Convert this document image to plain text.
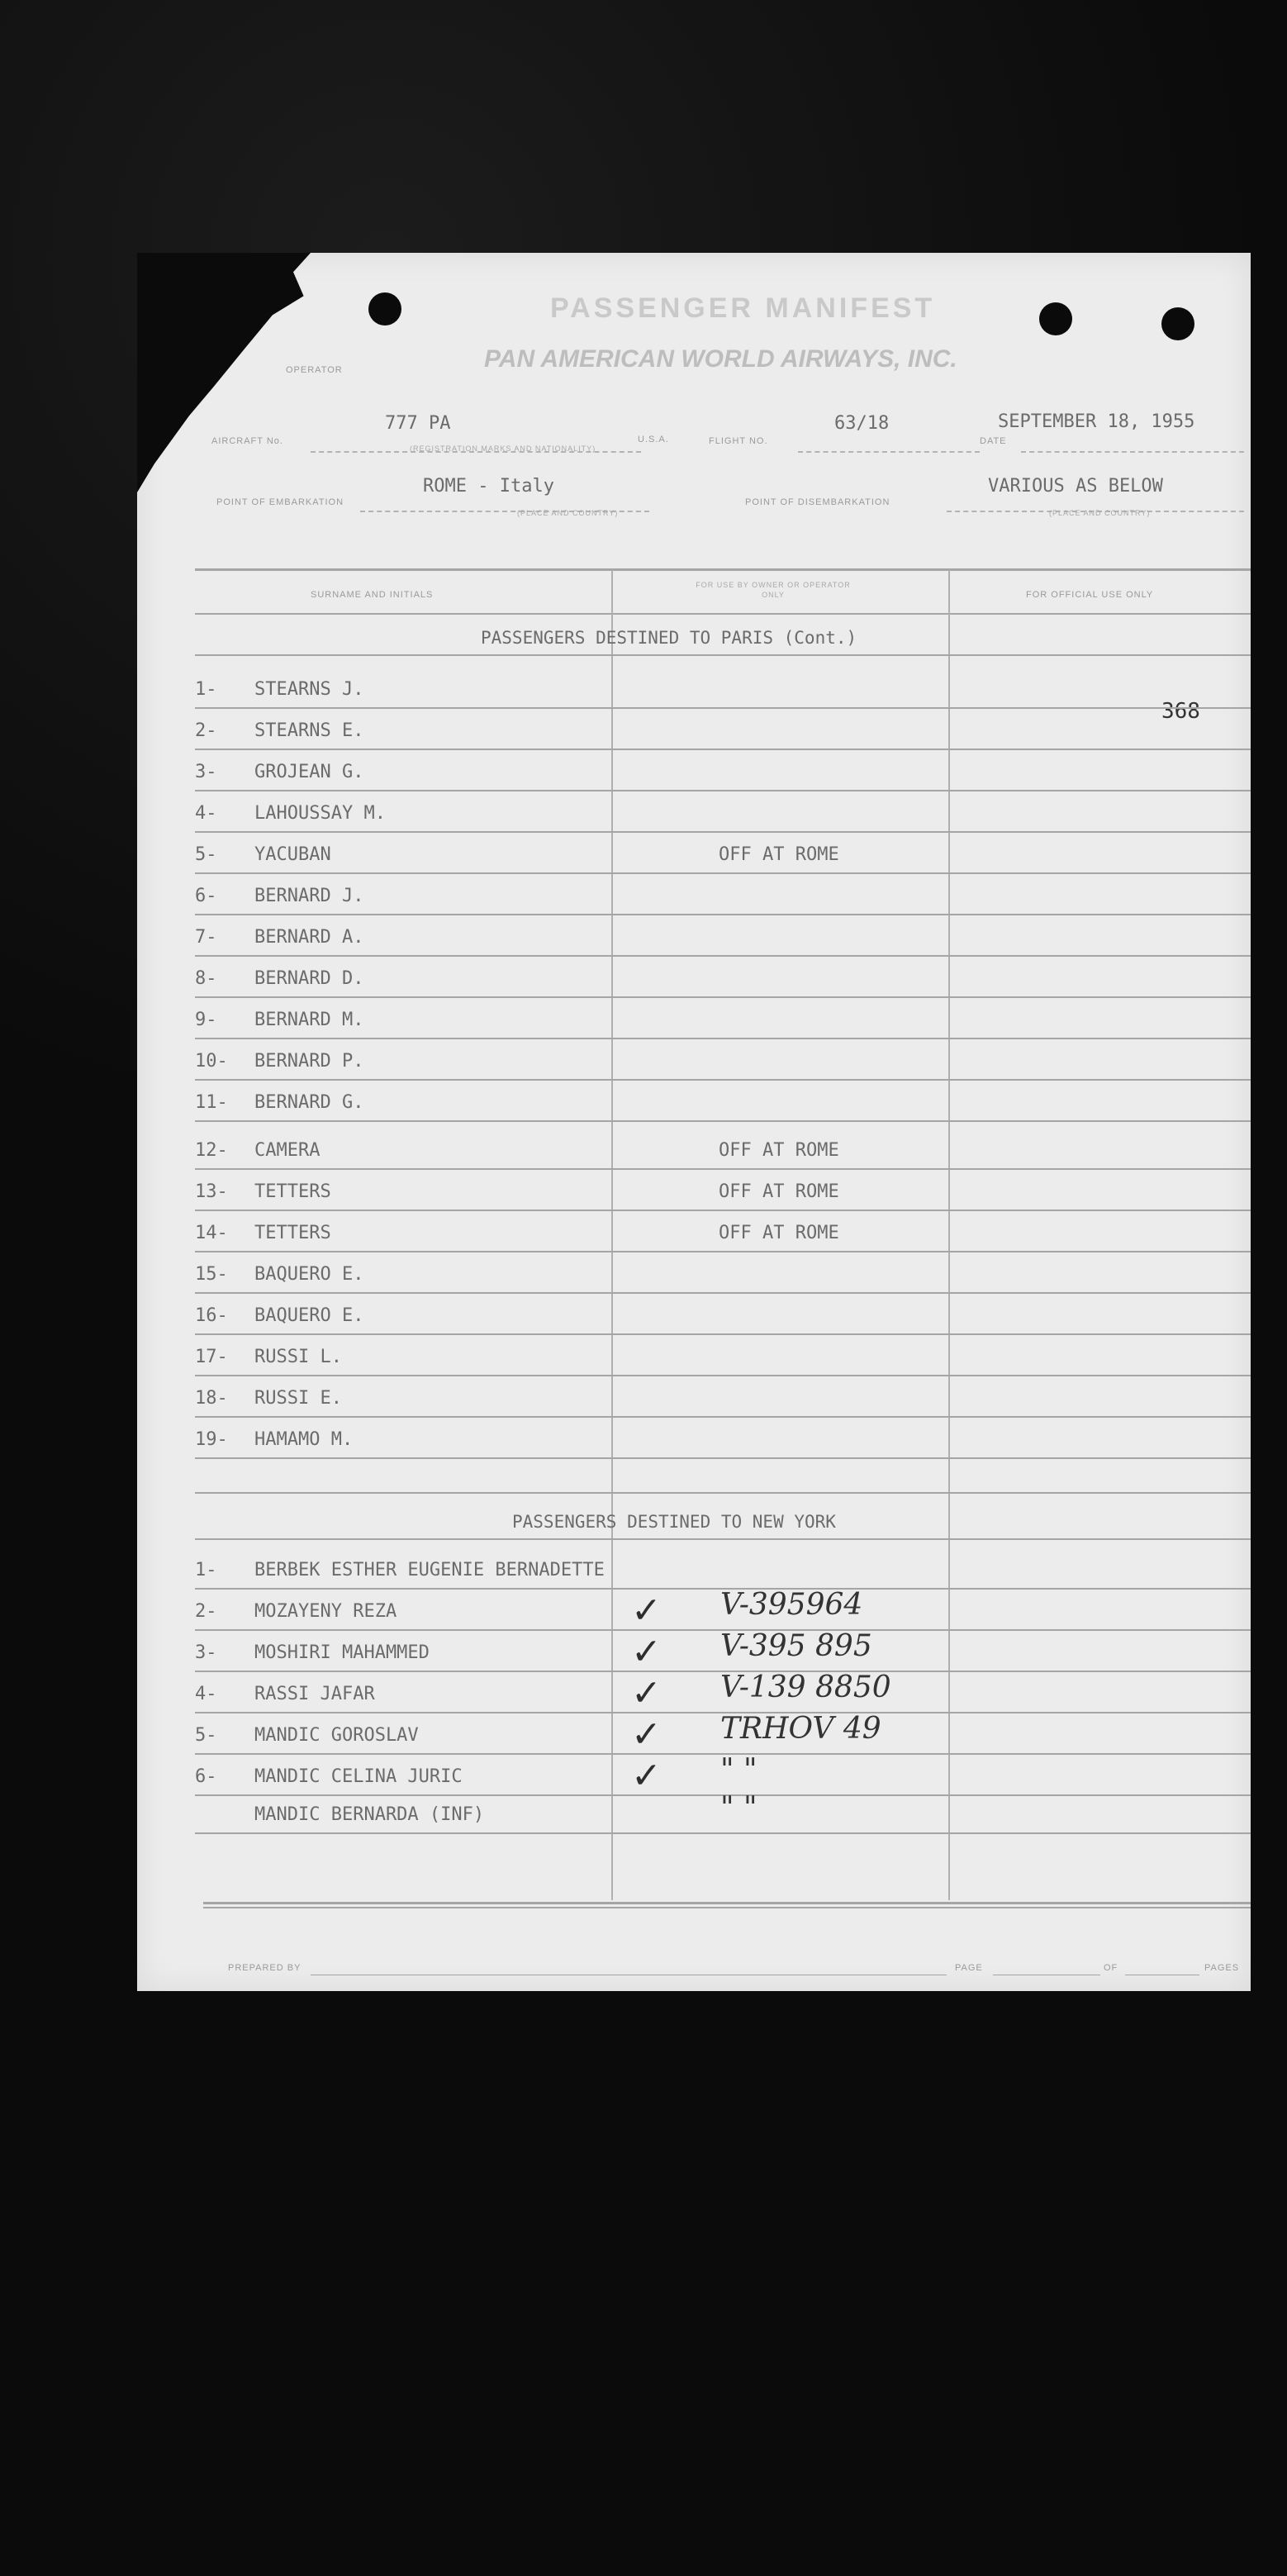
PASSENGER MANIFEST
PAN AMERICAN WORLD AIRWAYS, INC.
OPERATOR
AIRCRAFT No.
777 PA
(REGISTRATION MARKS AND NATIONALITY)
U.S.A.	FLIGHT NO.
63/18
DATE
SEPTEMBER 18, 1955
POINT OF EMBARKATION
ROME - Italy
(PLACE AND COUNTRY)
POINT OF DISEMBARKATION
VARIOUS AS BELOW
(PLACE AND COUNTRY)
SURNAME AND INITIALS
FOR USE BY OWNER OR OPERATOR ONLY	FOR OFFICIAL USE ONLY
PASSENGERS DESTINED TO PARIS (Cont.)
368
1- STEARNS J.
2- STEARNS E.
3- GROJEAN G.
4- LAHOUSSAY M.
5- YACUBAN	OFF AT ROME
6- BERNARD J.
7- BERNARD A.
8- BERNARD D.
9- BERNARD M.
10- BERNARD P.
11- BERNARD G.
12- CAMERA	OFF AT ROME
13- TETTERS	OFF AT ROME
14- TETTERS	OFF AT ROME
15- BAQUERO E.
16- BAQUERO E.
17- RUSSI L.
18- RUSSI E.
19- HAMAMO M.
PASSENGERS DESTINED TO NEW YORK
1- BERBEK ESTHER EUGENIE BERNADETTE
2- MOZAYENY REZA	✓ V-395964
3- MOSHIRI MAHAMMED	✓ V-395 895
4- RASSI JAFAR	✓ V-139 8850
5- MANDIC GOROSLAV	✓ TRHOV 49
6- MANDIC CELINA JURIC	✓ " "
MANDIC BERNARDA (INF)	" "
PREPARED BY	PAGE	OF	PAGES
